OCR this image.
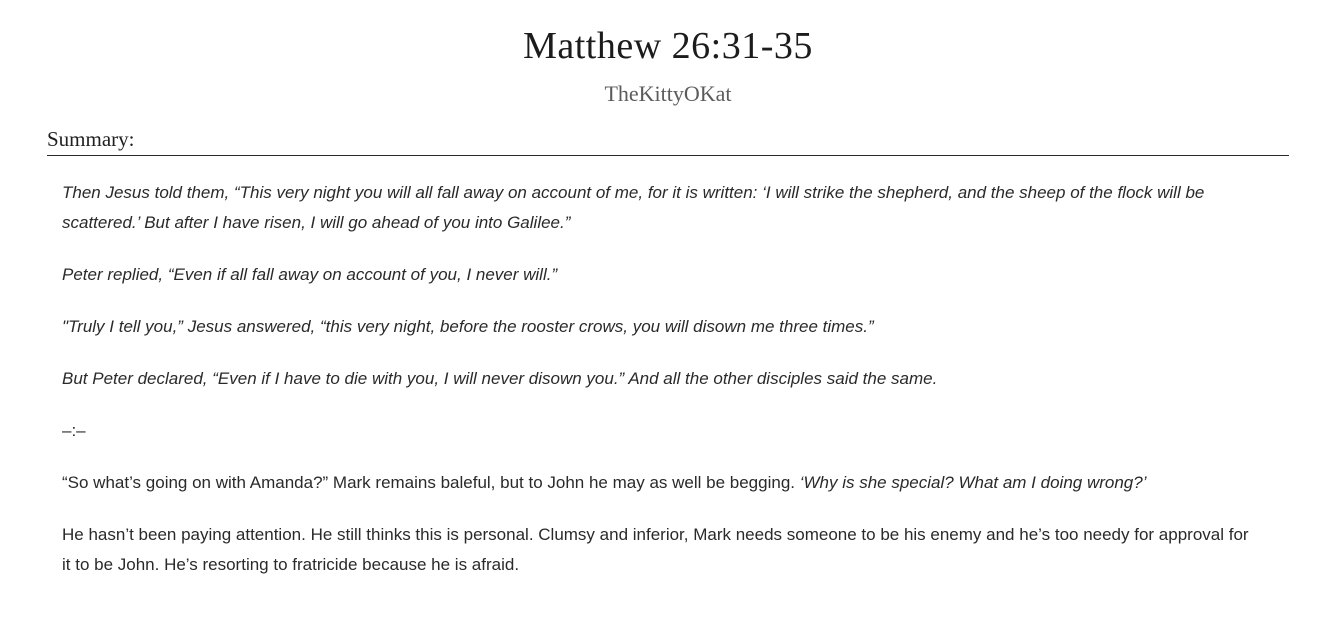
Matthew 26:31-35
TheKittyOKat
Summary:

Then Jesus told them, “This very night you will all fall away on account of me, for it is written: ‘I will strike the shepherd, and the sheep of the flock will be scattered.’ But after I have risen, I will go ahead of you into Galilee.”

Peter replied, “Even if all fall away on account of you, I never will.”

"Truly I tell you,” Jesus answered, “this very night, before the rooster crows, you will disown me three times.”

But Peter declared, “Even if I have to die with you, I will never disown you.” And all the other disciples said the same.

–:–

“So what’s going on with Amanda?” Mark remains baleful, but to John he may as well be begging. ‘Why is she special? What am I doing wrong?’

He hasn’t been paying attention. He still thinks this is personal. Clumsy and inferior, Mark needs someone to be his enemy and he’s too needy for approval for it to be John. He’s resorting to fratricide because he is afraid.
